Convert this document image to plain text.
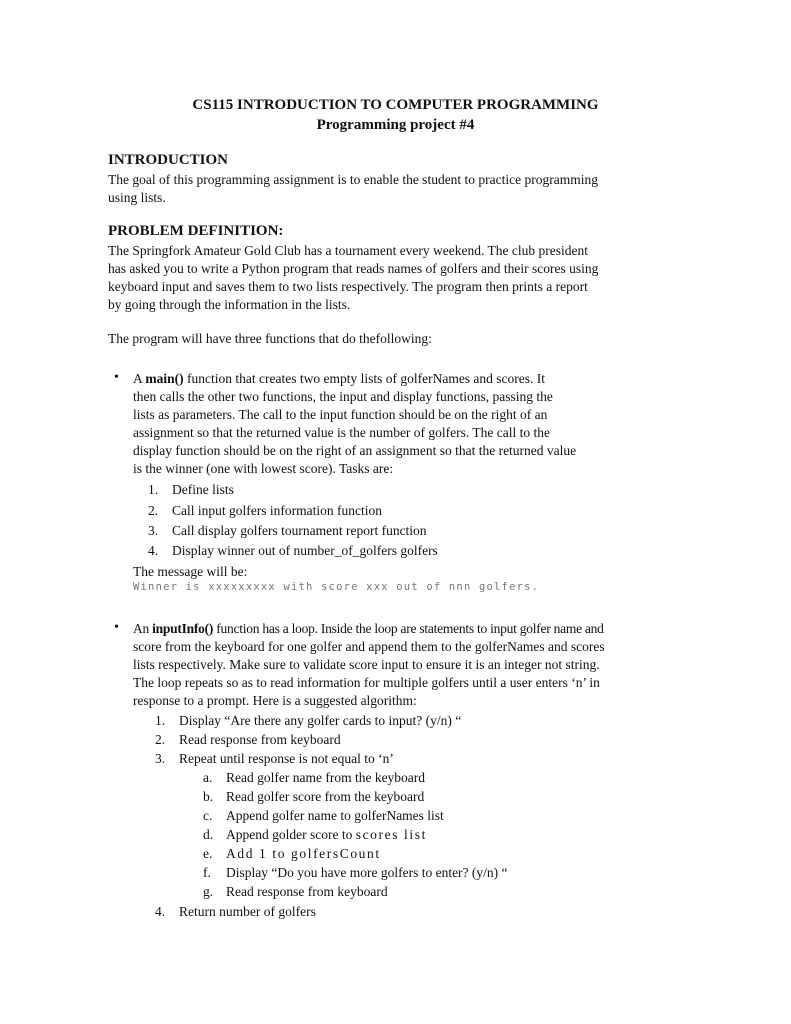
CS115 INTRODUCTION TO COMPUTER PROGRAMMING
Programming project #4
INTRODUCTION
The goal of this programming assignment is to enable the student to practice programming
using lists.
PROBLEM DEFINITION:
The Springfork Amateur Gold Club has a tournament every weekend. The club president
has asked you to write a Python program that reads names of golfers and their scores using
keyboard input and saves them to two lists respectively. The program then prints a report
by going through the information in the lists.
The program will have three functions that do thefollowing:
• A main() function that creates two empty lists of golferNames and scores. It
then calls the other two functions, the input and display functions, passing the
lists as parameters. The call to the input function should be on the right of an
assignment so that the returned value is the number of golfers. The call to the
display function should be on the right of an assignment so that the returned value
is the winner (one with lowest score). Tasks are:
1. Define lists
2. Call input golfers information function
3. Call display golfers tournament report function
4. Display winner out of number_of_golfers golfers
The message will be:
Winner is xxxxxxxxx with score xxx out of nnn golfers.
• An inputInfo() function has a loop. Inside the loop are statements to input golfer name and
score from the keyboard for one golfer and append them to the golferNames and scores
lists respectively. Make sure to validate score input to ensure it is an integer not string.
The loop repeats so as to read information for multiple golfers until a user enters ‘n’ in
response to a prompt. Here is a suggested algorithm:
1. Display “Are there any golfer cards to input? (y/n) “
2. Read response from keyboard
3. Repeat until response is not equal to ‘n’
a. Read golfer name from the keyboard
b. Read golfer score from the keyboard
c. Append golfer name to golferNames list
d. Append golder score to scores list
e. Add 1 to golfersCount
f. Display “Do you have more golfers to enter? (y/n) “
g. Read response from keyboard
4. Return number of golfers
